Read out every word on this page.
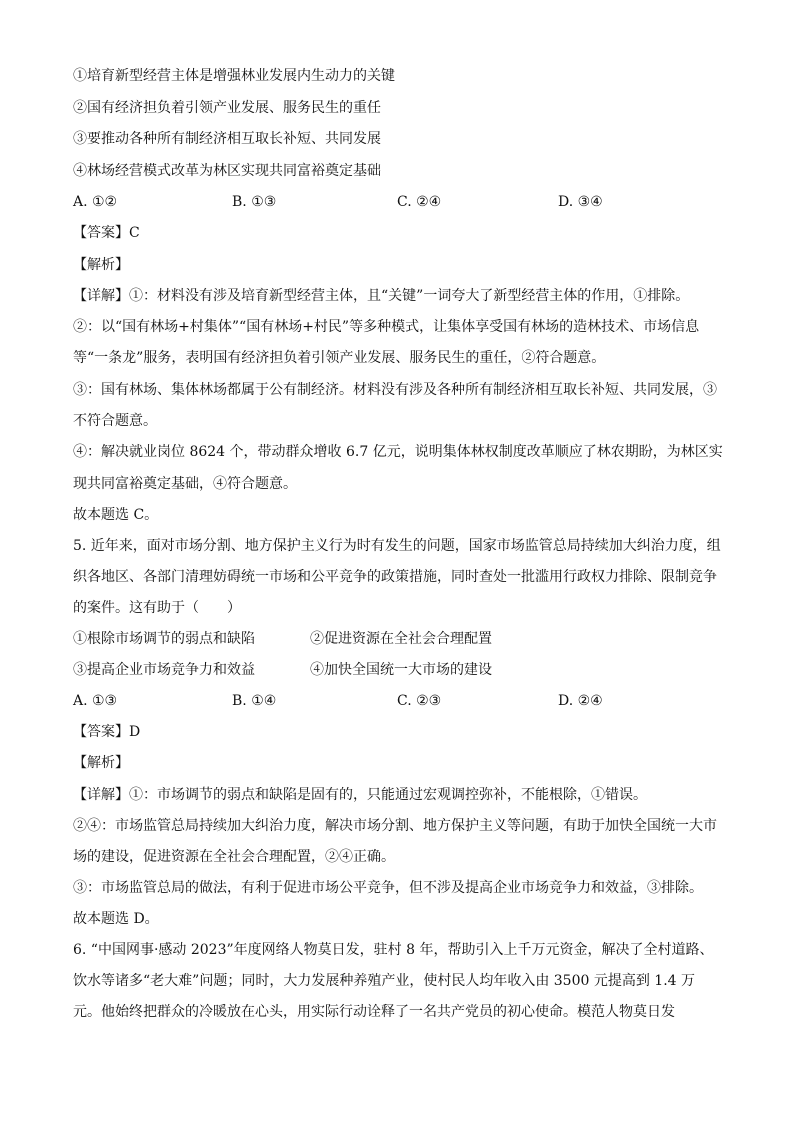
①培育新型经营主体是增强林业发展内生动力的关键
②国有经济担负着引领产业发展、服务民生的重任
③要推动各种所有制经济相互取长补短、共同发展
④林场经营模式改革为林区实现共同富裕奠定基础
A. ①②	B. ①③	C. ②④	D. ③④
【答案】C
【解析】
【详解】①：材料没有涉及培育新型经营主体，且“关键”一词夸大了新型经营主体的作用，①排除。
②：以“国有林场+村集体”“国有林场+村民”等多种模式，让集体享受国有林场的造林技术、市场信息
等“一条龙”服务，表明国有经济担负着引领产业发展、服务民生的重任，②符合题意。
③：国有林场、集体林场都属于公有制经济。材料没有涉及各种所有制经济相互取长补短、共同发展，③
不符合题意。
④：解决就业岗位 8624 个，带动群众增收 6.7 亿元，说明集体林权制度改革顺应了林农期盼，为林区实
现共同富裕奠定基础，④符合题意。
故本题选 C。
5. 近年来，面对市场分割、地方保护主义行为时有发生的问题，国家市场监管总局持续加大纠治力度，组
织各地区、各部门清理妨碍统一市场和公平竞争的政策措施，同时查处一批滥用行政权力排除、限制竞争
的案件。这有助于（　　）
①根除市场调节的弱点和缺陷	②促进资源在全社会合理配置
③提高企业市场竞争力和效益	④加快全国统一大市场的建设
A. ①③	B. ①④	C. ②③	D. ②④
【答案】D
【解析】
【详解】①：市场调节的弱点和缺陷是固有的，只能通过宏观调控弥补，不能根除，①错误。
②④：市场监管总局持续加大纠治力度，解决市场分割、地方保护主义等问题，有助于加快全国统一大市
场的建设，促进资源在全社会合理配置，②④正确。
③：市场监管总局的做法，有利于促进市场公平竞争，但不涉及提高企业市场竞争力和效益，③排除。
故本题选 D。
6. “中国网事·感动 2023”年度网络人物莫日发，驻村 8 年，帮助引入上千万元资金，解决了全村道路、
饮水等诸多“老大难”问题；同时，大力发展种养殖产业，使村民人均年收入由 3500 元提高到 1.4 万
元。他始终把群众的冷暖放在心头，用实际行动诠释了一名共产党员的初心使命。模范人物莫日发
